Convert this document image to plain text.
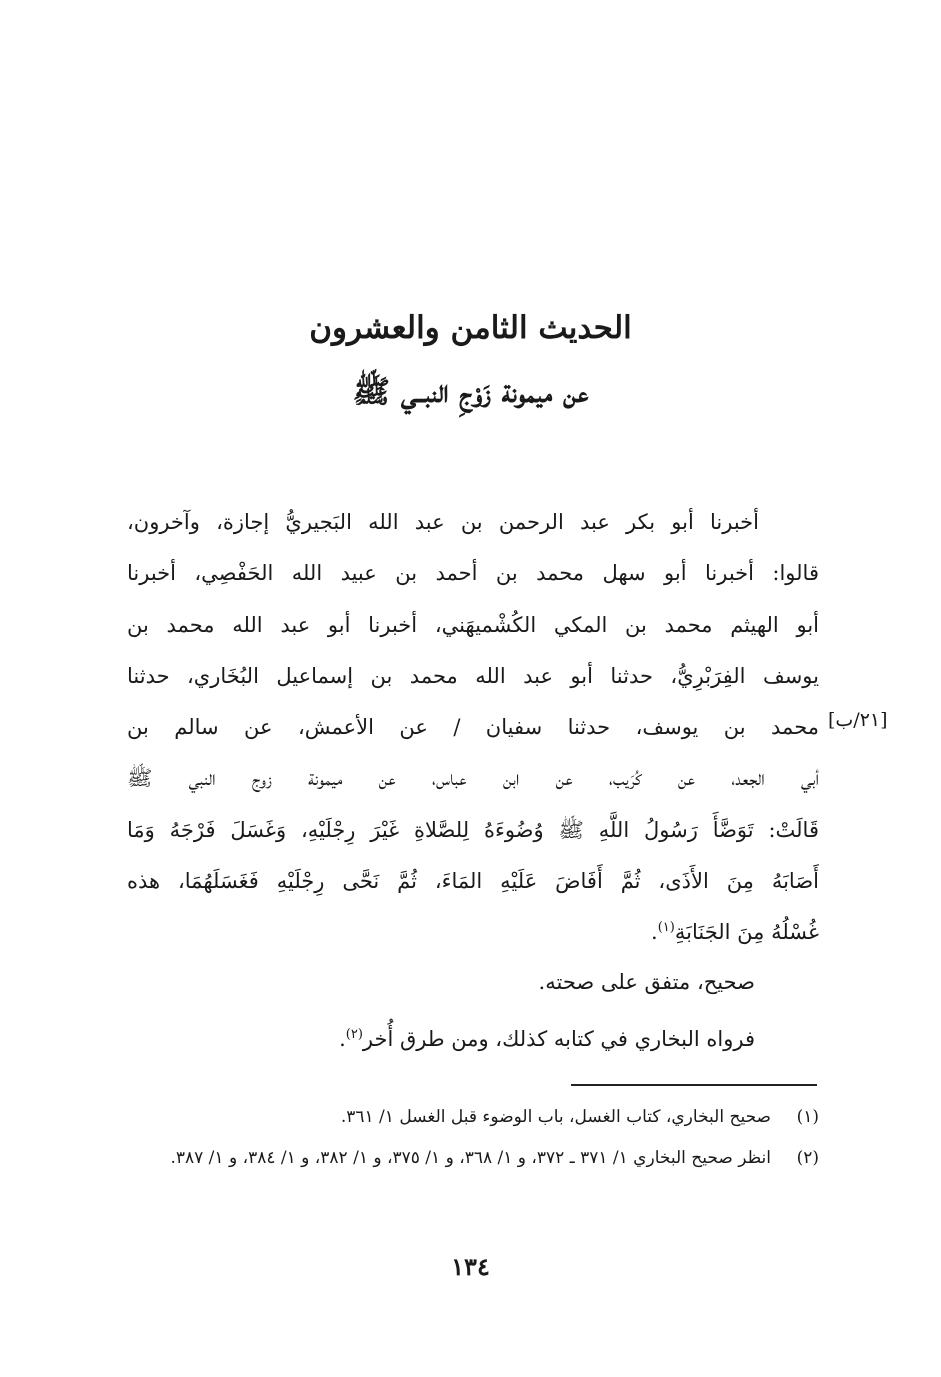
الحديث الثامن والعشرون
عن ميمونة زَوْجِ النبــي ﷺ
[٢١/ب]
أخبرنا أبو بكر عبد الرحمن بن عبد الله البَجيريُّ إجازة، وآخرون،
قالوا: أخبرنا أبو سهل محمد بن أحمد بن عبيد الله الحَفْصِي، أخبرنا
أبو الهيثم محمد بن المكي الكُشْميهَني، أخبرنا أبو عبد الله محمد بن
يوسف الفِرَبْرِيُّ، حدثنا أبو عبد الله محمد بن إسماعيل البُخَاري، حدثنا
محمد بن يوسف، حدثنا سفيان / عن الأعمش، عن سالم بن
أبي الجعد، عن كُرَيب، عن ابن عباس، عن ميمونة زوج النبي ﷺ
قَالَتْ: تَوَضَّأَ رَسُولُ اللَّهِ ﷺ وُضُوءَهُ لِلصَّلاةِ غَيْرَ رِجْلَيْهِ، وَغَسَلَ فَرْجَهُ وَمَا
أَصَابَهُ مِنَ الأَذَى، ثُمَّ أَفَاضَ عَلَيْهِ المَاءَ، ثُمَّ نَحَّى رِجْلَيْهِ فَغَسَلَهُمَا، هذه
غُسْلُهُ مِنَ الجَنَابَةِ$^{(١)}$.
صحيح، متفق على صحته.
فرواه البخاري في كتابه كذلك، ومن طرق أُخر$^{(٢)}$.
(١)
صحيح البخاري، كتاب الغسل، باب الوضوء قبل الغسل ١/ ٣٦١.
(٢)
انظر صحيح البخاري ١/ ٣٧١ ـ ٣٧٢، و ١/ ٣٦٨، و ١/ ٣٧٥، و ١/ ٣٨٢، و ١/ ٣٨٤، و ١/ ٣٨٧.
١٣٤
